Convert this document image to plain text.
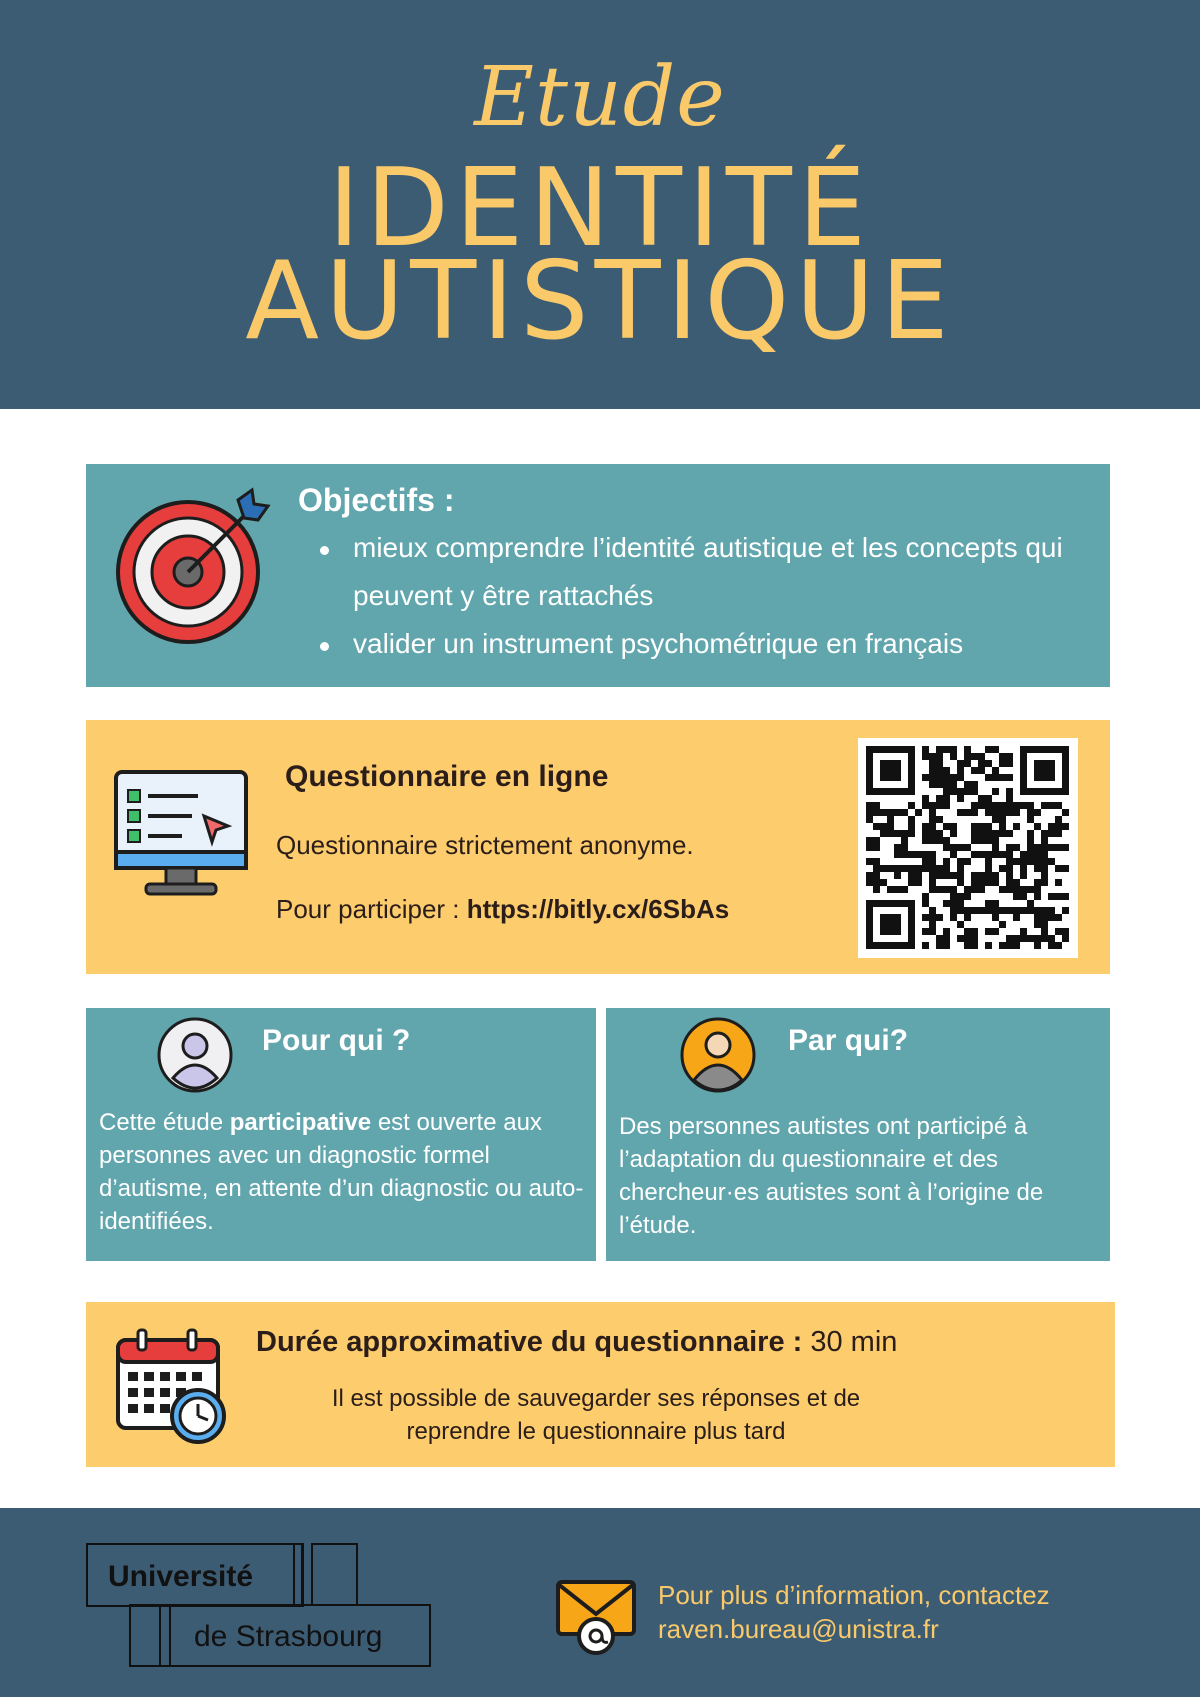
Etude
IDENTITÉ
AUTISTIQUE
Objectifs :
mieux comprendre l’identité autistique et les concepts qui peuvent y être rattachés
valider un instrument psychométrique en français
Questionnaire en ligne
Questionnaire strictement anonyme.
Pour participer : https://bitly.cx/6SbAs
Pour qui ?

Cette étude participative est ouverte aux personnes avec un diagnostic formel d’autisme, en attente d’un diagnostic ou auto-identifiées.

Par qui?

Des personnes autistes ont participé à l’adaptation du questionnaire et des chercheur·es autistes sont à l’origine de l’étude.

Durée approximative du questionnaire : 30 min

Il est possible de sauvegarder ses réponses et de
reprendre le questionnaire plus tard

Université
de Strasbourg
Pour plus d’information, contactez
raven.bureau@unistra.fr
